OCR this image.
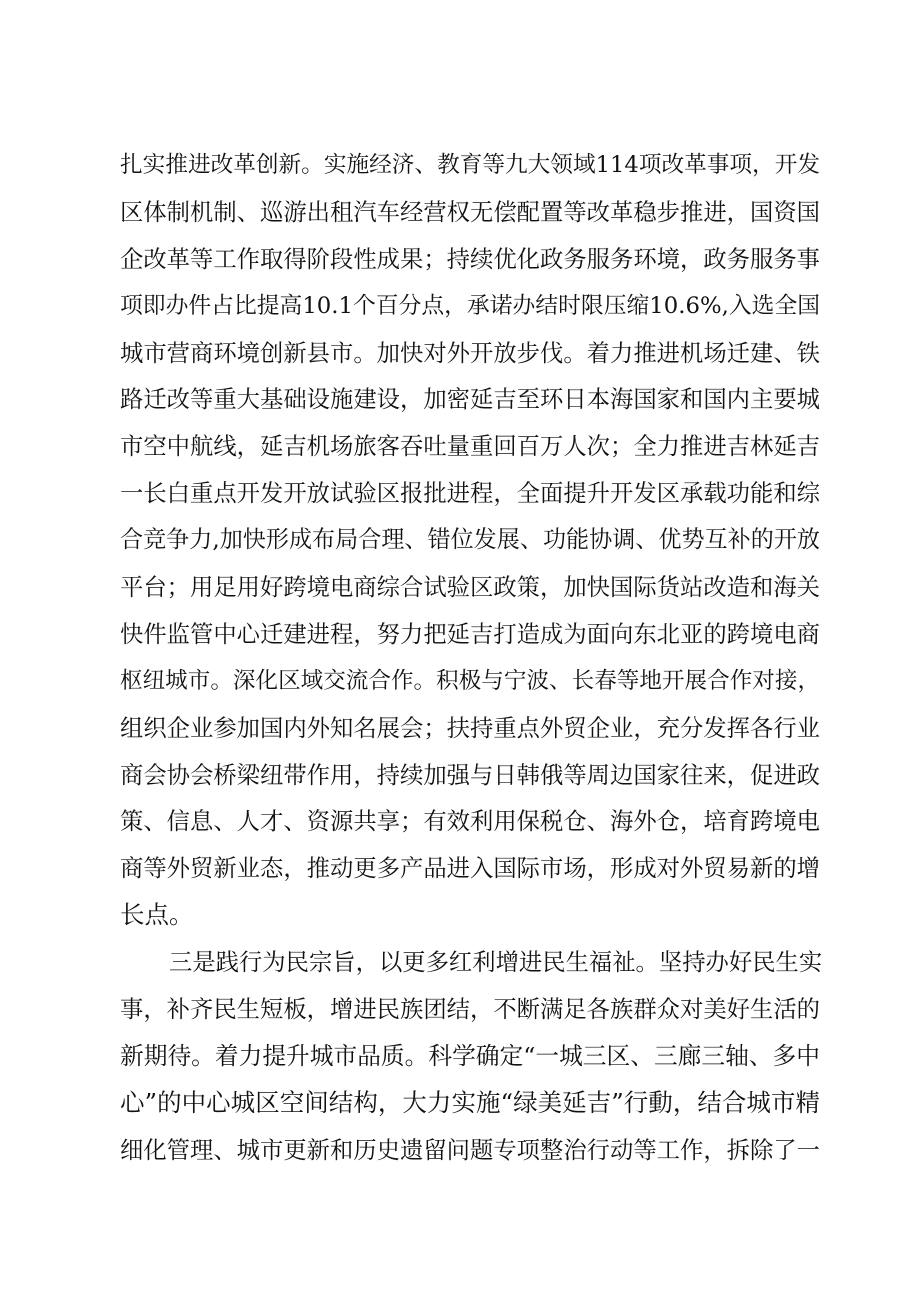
扎实推进改革创新。实施经济、教育等九大领域114项改革事项，开发
区体制机制、巡游出租汽车经营权无偿配置等改革稳步推进，国资国
企改革等工作取得阶段性成果；持续优化政务服务环境，政务服务事
项即办件占比提高10.1个百分点，承诺办结时限压缩10.6%,入选全国
城市营商环境创新县市。加快对外开放步伐。着力推进机场迁建、铁
路迁改等重大基础设施建设，加密延吉至环日本海国家和国内主要城
市空中航线，延吉机场旅客吞吐量重回百万人次；全力推进吉林延吉
一长白重点开发开放试验区报批进程，全面提升开发区承载功能和综
合竞争力,加快形成布局合理、错位发展、功能协调、优势互补的开放
平台；用足用好跨境电商综合试验区政策，加快国际货站改造和海关
快件监管中心迁建进程，努力把延吉打造成为面向东北亚的跨境电商
枢纽城市。深化区域交流合作。积极与宁波、长春等地开展合作对接，
组织企业参加国内外知名展会；扶持重点外贸企业，充分发挥各行业
商会协会桥梁纽带作用，持续加强与日韩俄等周边国家往来，促进政
策、信息、人才、资源共享；有效利用保税仓、海外仓，培育跨境电
商等外贸新业态，推动更多产品进入国际市场，形成对外贸易新的增
长点。
三是践行为民宗旨，以更多红利增进民生福祉。坚持办好民生实
事，补齐民生短板，增进民族团结，不断满足各族群众对美好生活的
新期待。着力提升城市品质。科学确定“一城三区、三廊三轴、多中
心”的中心城区空间结构，大力实施“绿美延吉”行動，结合城市精
细化管理、城市更新和历史遗留问题专项整治行动等工作，拆除了一
